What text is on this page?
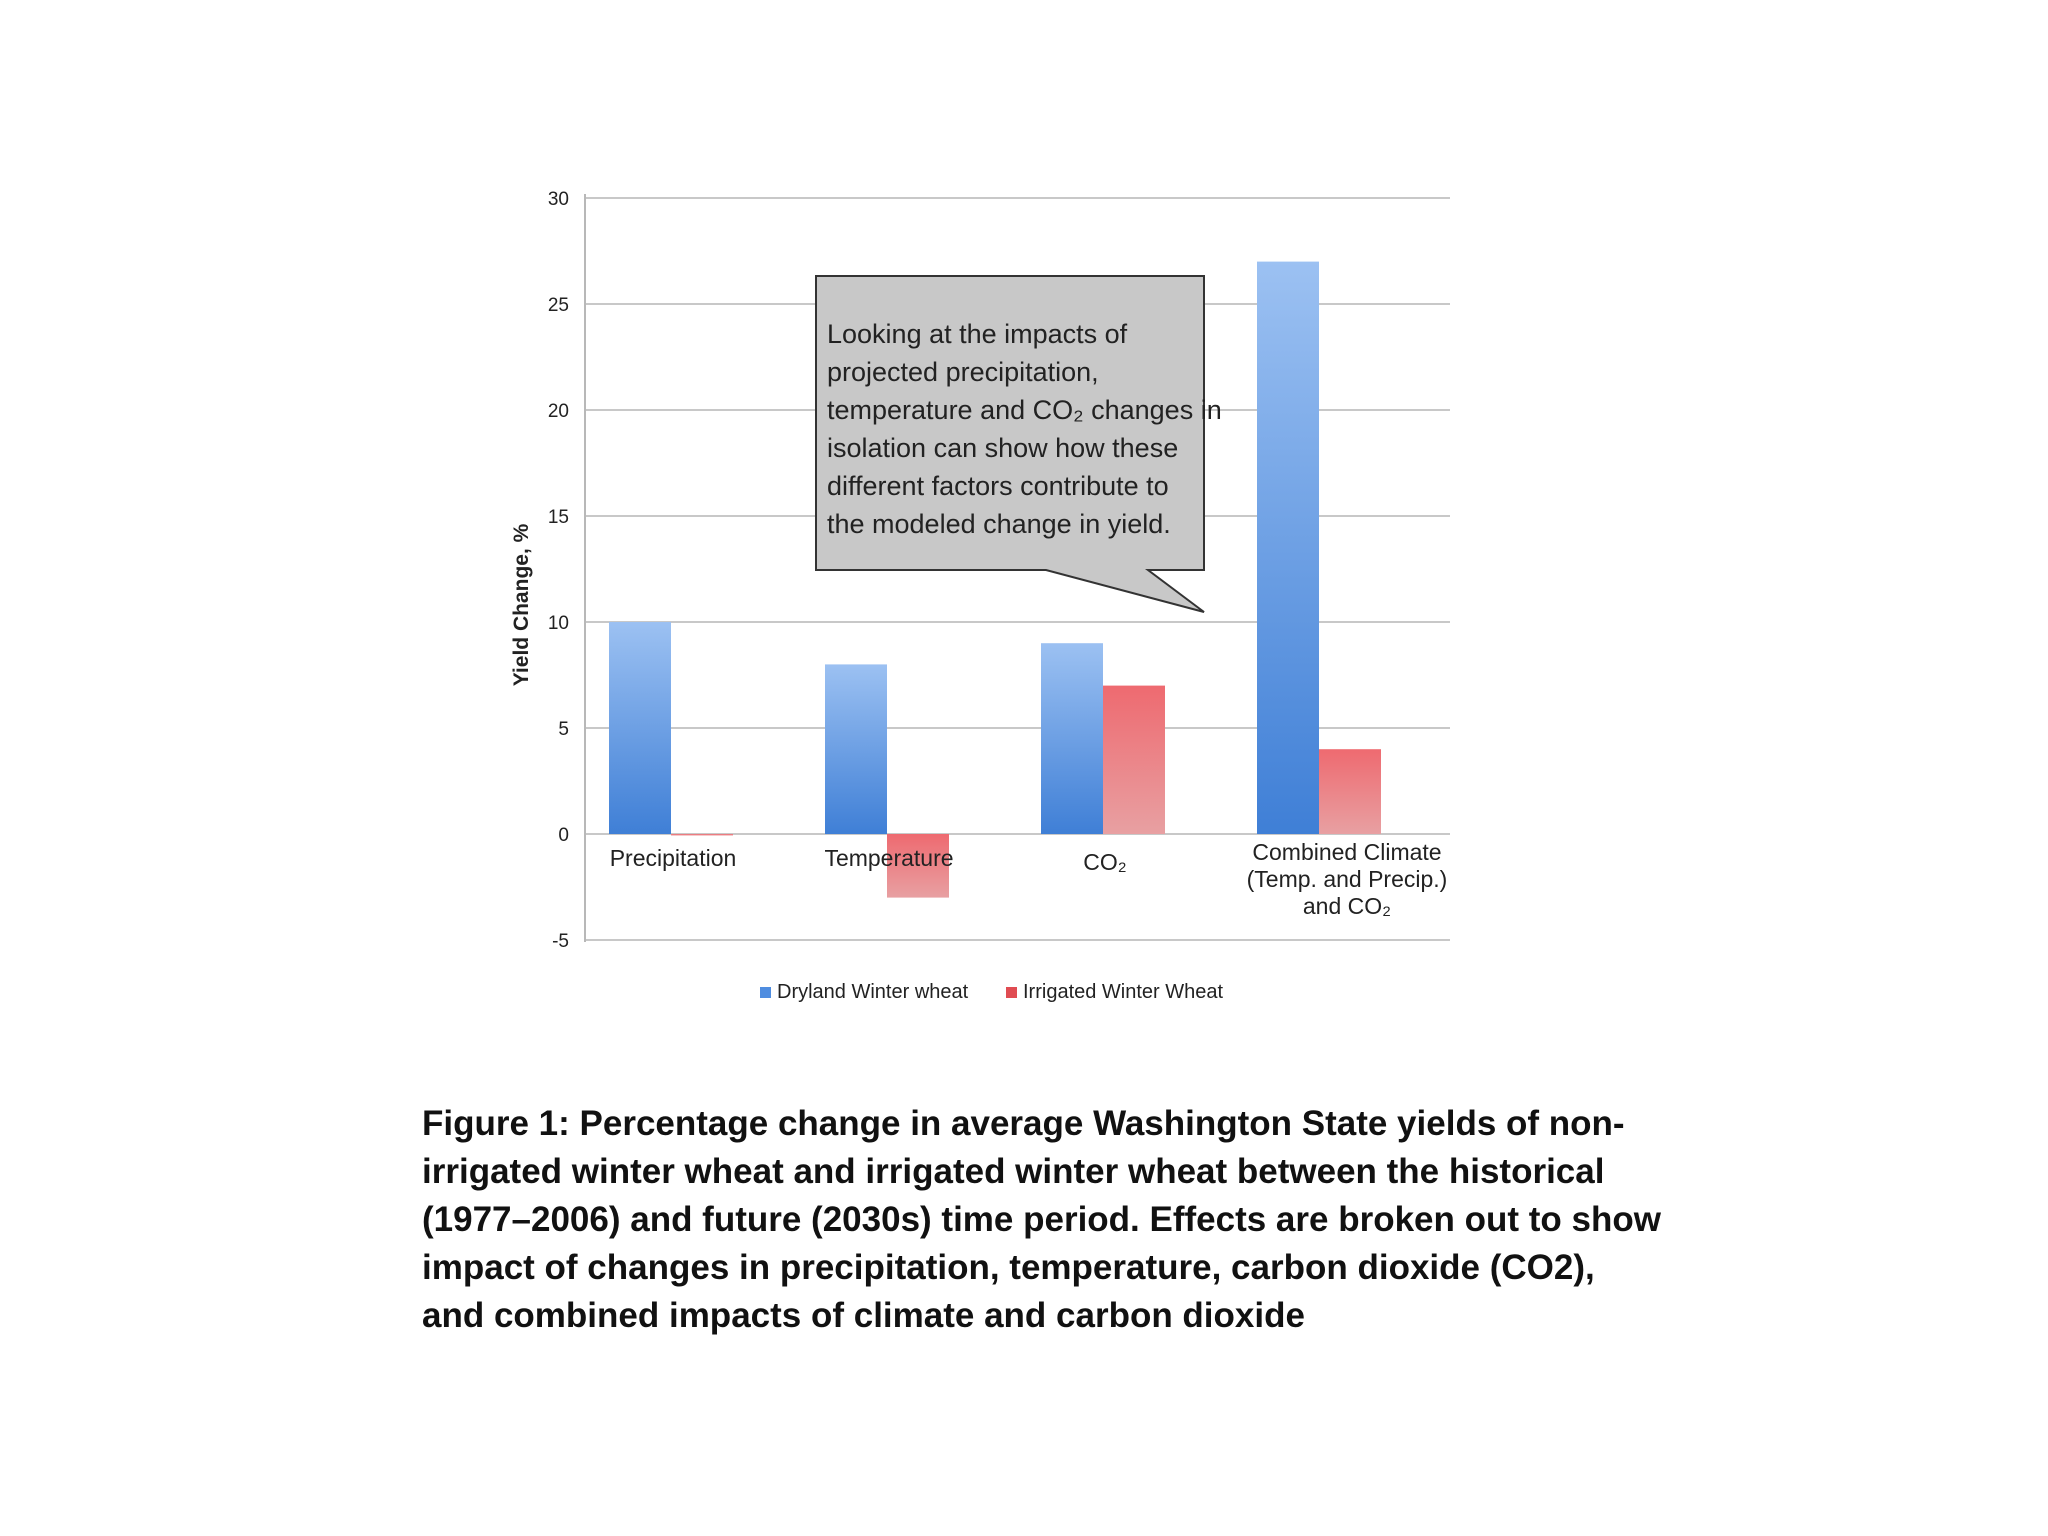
30
25
20
15
10
5
0
-5
Yield Change, %
Precipitation	Temperature	CO₂	Combined Climate
(Temp. and Precip.)
and CO₂
Looking at the impacts of
projected precipitation,
temperature and CO₂ changes in
isolation can show how these
different factors contribute to
the modeled change in yield.
Dryland Winter wheat	Irrigated Winter Wheat

Figure 1: Percentage change in average Washington State yields of non-irrigated winter wheat and irrigated winter wheat between the historical (1977–2006) and future (2030s) time period. Effects are broken out to show impact of changes in precipitation, temperature, carbon dioxide (CO2), and combined impacts of climate and carbon dioxide
